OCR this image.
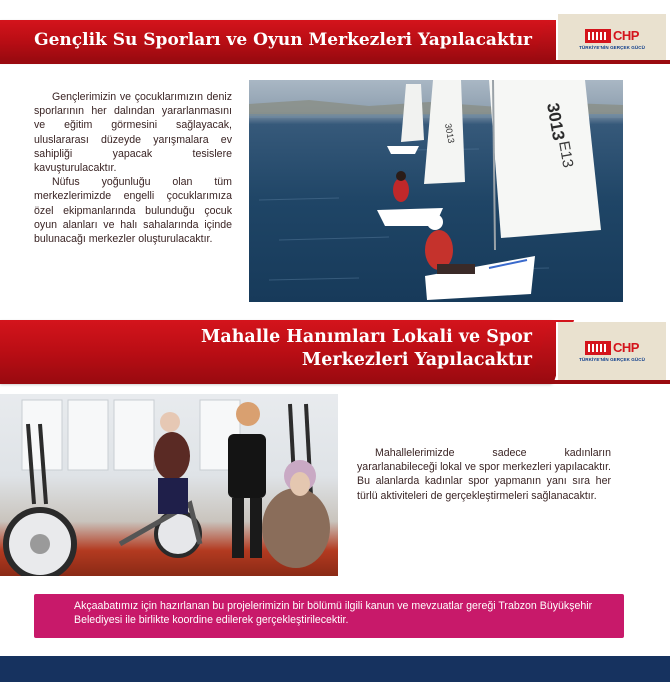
Gençlik Su Sporları ve Oyun Merkezleri Yapılacaktır	CHP
TÜRKİYE'NİN GERÇEK GÜCÜ

Gençlerimizin ve çocuklarımızın deniz sporlarının her dalından yararlanmasını ve eğitim görmesini sağlayacak, uluslararası düzeyde yarışmalara ev sahipliği yapacak tesislere kavuşturulacaktır.

Nüfus yoğunluğu olan tüm merkezlerimizde engelli çocuklarımıza özel ekipmanlarında bulunduğu çocuk oyun alanları ve halı sahalarında içinde bulunacağı merkezler oluşturulacaktır.

3013	3013
E13
Mahalle Hanımları Lokali ve Spor
Merkezleri Yapılacaktır
CHP
TÜRKİYE'NİN GERÇEK GÜCÜ

Mahallelerimizde sadece kadınların yararlanabileceği lokal ve spor merkezleri yapılacaktır. Bu alanlarda kadınlar spor yapmanın yanı sıra her türlü aktiviteleri de gerçekleştirmeleri sağlanacaktır.

Akçaabatımız için hazırlanan bu projelerimizin bir bölümü ilgili kanun ve mevzuatlar gereği Trabzon Büyükşehir Belediyesi ile birlikte koordine edilerek gerçekleştirilecektir.
